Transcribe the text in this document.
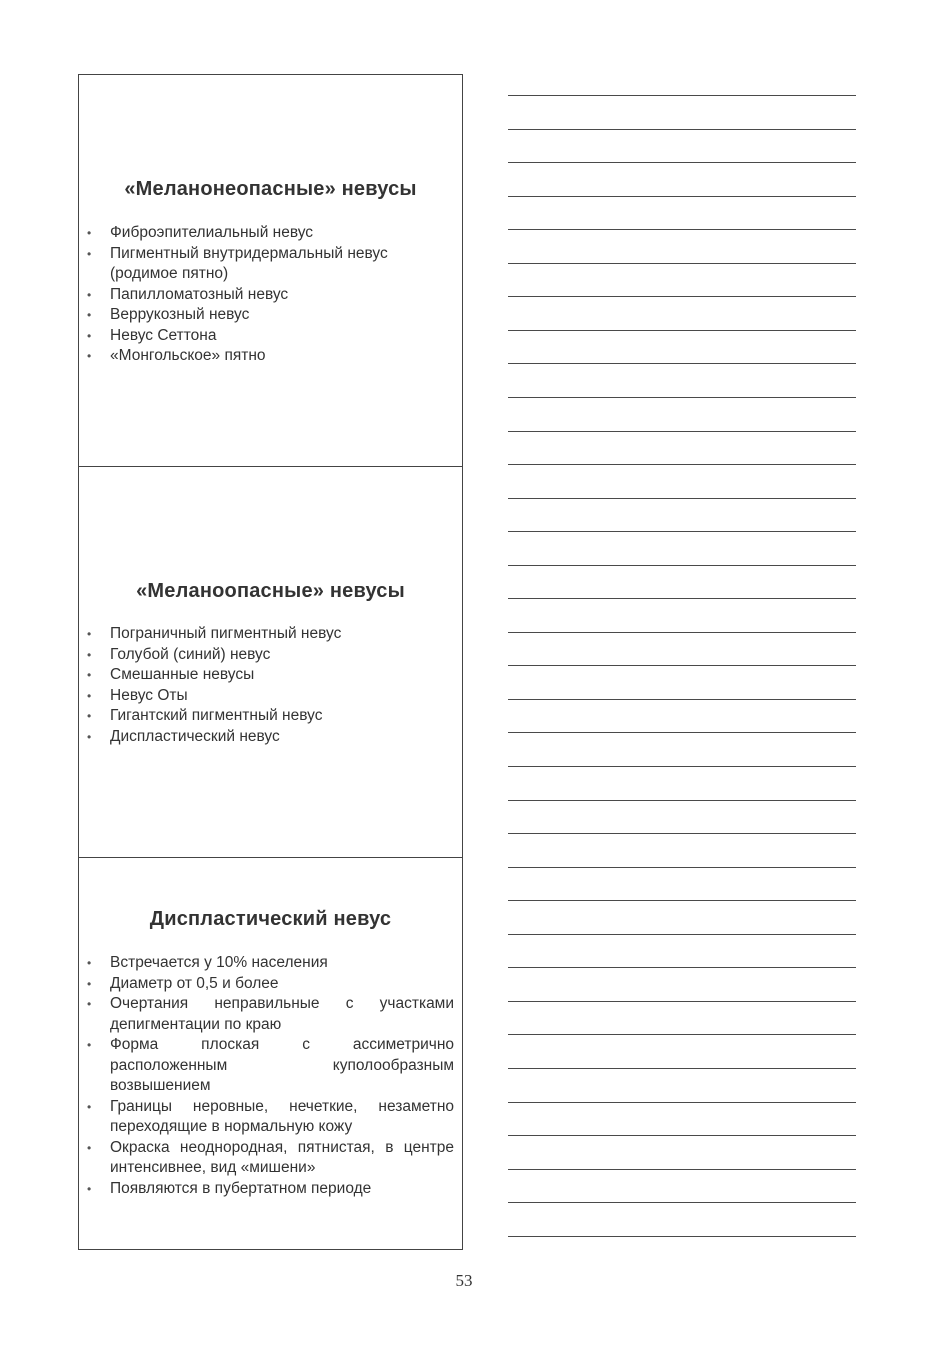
«Меланонеопасные» невусы
• Фиброэпителиальный невус
• Пигментный внутридермальный невус (родимое пятно)
• Папилломатозный невус
• Веррукозный невус
• Невус Сеттона
• «Монгольское» пятно
«Меланоопасные» невусы
• Пограничный пигментный невус
• Голубой (синий) невус
• Смешанные невусы
• Невус Оты
• Гигантский пигментный невус
• Диспластический невус
Диспластический невус
• Встречается у 10% населения
• Диаметр от 0,5 и более
• Очертания неправильные с участками депигментации по краю
• Форма плоская с ассиметрично расположенным куполообразным возвышением
• Границы неровные, нечеткие, незаметно переходящие в нормальную кожу
• Окраска неоднородная, пятнистая, в центре интенсивнее, вид «мишени»
• Появляются в пубертатном периоде
53
